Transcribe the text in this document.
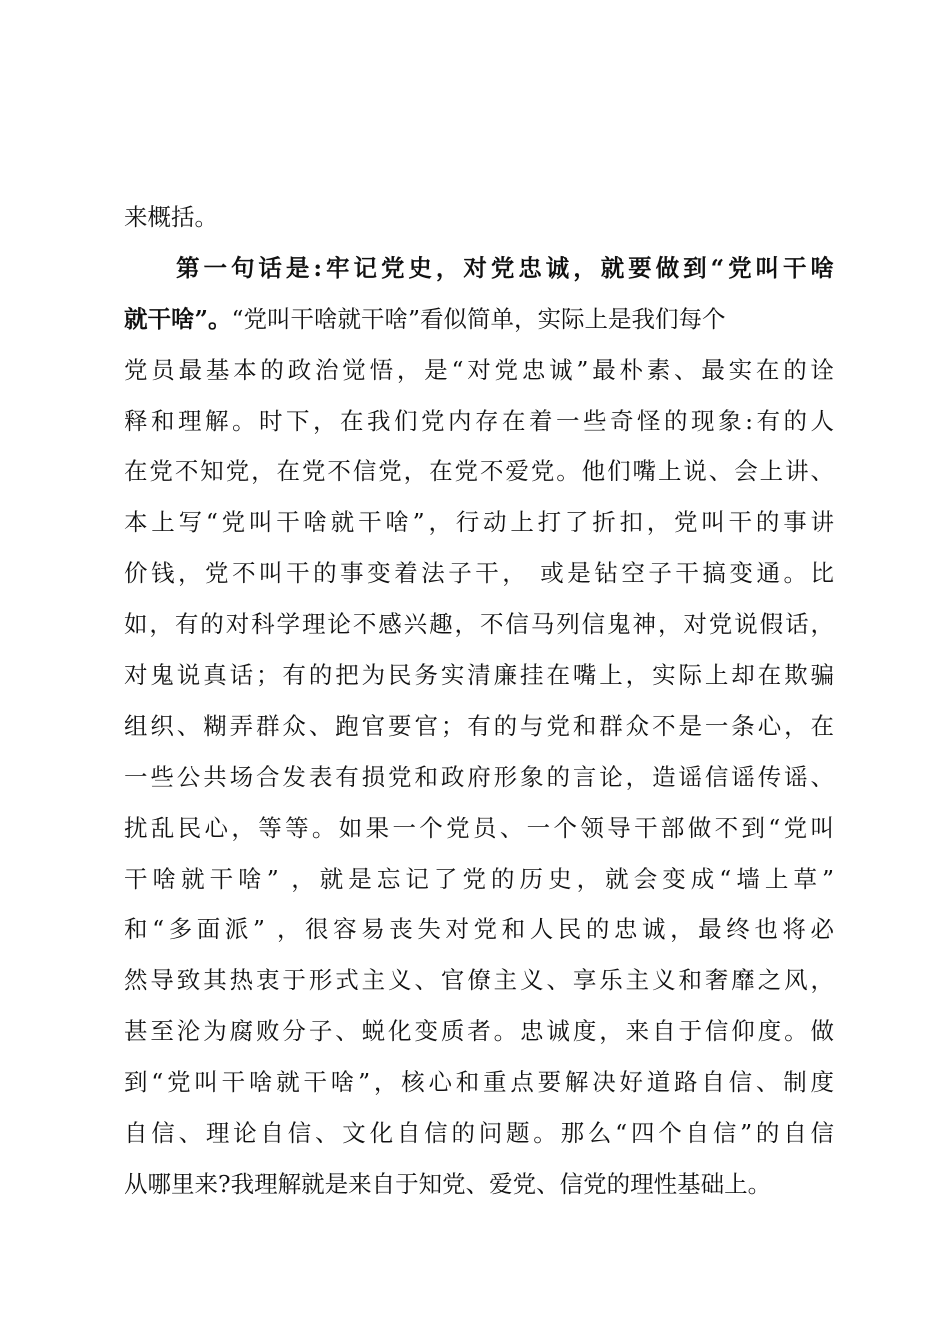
来概括。
第一句话是:牢记党史，对党忠诚，就要做到“党叫干啥
就干啥”。“党叫干啥就干啥”看似简单，实际上是我们每个
党员最基本的政治觉悟，是“对党忠诚”最朴素、最实在的诠
释和理解。时下，在我们党内存在着一些奇怪的现象:有的人
在党不知党，在党不信党，在党不爱党。他们嘴上说、会上讲、
本上写“党叫干啥就干啥”，行动上打了折扣，党叫干的事讲
价钱，党不叫干的事变着法子干， 或是钻空子干搞变通。比
如，有的对科学理论不感兴趣，不信马列信鬼神，对党说假话，
对鬼说真话；有的把为民务实清廉挂在嘴上，实际上却在欺骗
组织、糊弄群众、跑官要官；有的与党和群众不是一条心，在
一些公共场合发表有损党和政府形象的言论，造谣信谣传谣、
扰乱民心，等等。如果一个党员、一个领导干部做不到“党叫
干啥就干啥” ，就是忘记了党的历史，就会变成“墙上草”
和“多面派” ，很容易丧失对党和人民的忠诚，最终也将必
然导致其热衷于形式主义、官僚主义、享乐主义和奢靡之风，
甚至沦为腐败分子、蜕化变质者。忠诚度，来自于信仰度。做
到“党叫干啥就干啥”，核心和重点要解决好道路自信、制度
自信、理论自信、文化自信的问题。那么“四个自信”的自信
从哪里来?我理解就是来自于知党、爱党、信党的理性基础上。
